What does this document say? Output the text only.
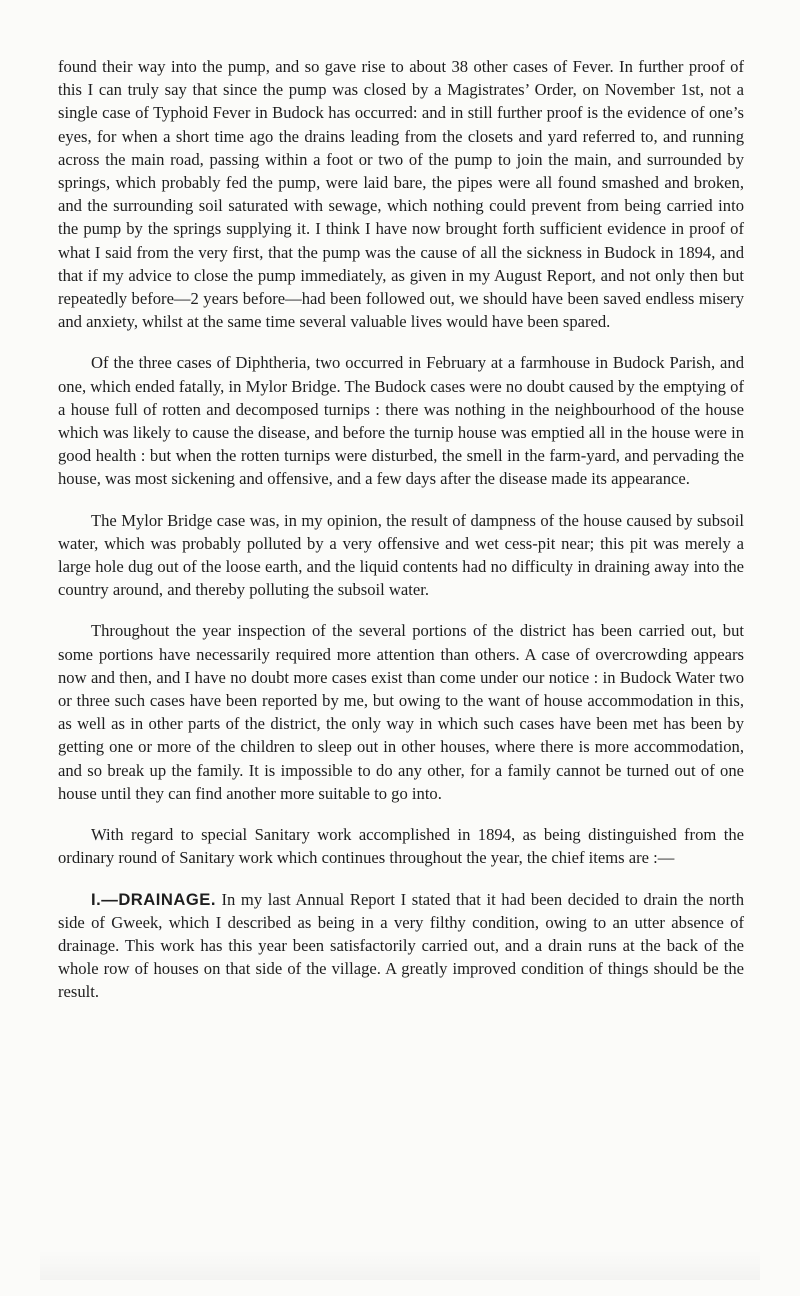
found their way into the pump, and so gave rise to about 38 other cases of Fever. In further proof of this I can truly say that since the pump was closed by a Magistrates’ Order, on November 1st, not a single case of Typhoid Fever in Budock has occurred: and in still further proof is the evidence of one’s eyes, for when a short time ago the drains leading from the closets and yard referred to, and running across the main road, passing within a foot or two of the pump to join the main, and surrounded by springs, which probably fed the pump, were laid bare, the pipes were all found smashed and broken, and the surrounding soil saturated with sewage, which nothing could prevent from being carried into the pump by the springs supplying it. I think I have now brought forth sufficient evidence in proof of what I said from the very first, that the pump was the cause of all the sickness in Budock in 1894, and that if my advice to close the pump immediately, as given in my August Report, and not only then but repeatedly before—2 years before—had been followed out, we should have been saved endless misery and anxiety, whilst at the same time several valuable lives would have been spared.

Of the three cases of Diphtheria, two occurred in February at a farmhouse in Budock Parish, and one, which ended fatally, in Mylor Bridge. The Budock cases were no doubt caused by the emptying of a house full of rotten and decomposed turnips : there was nothing in the neighbourhood of the house which was likely to cause the disease, and before the turnip house was emptied all in the house were in good health : but when the rotten turnips were disturbed, the smell in the farm-yard, and pervading the house, was most sickening and offensive, and a few days after the disease made its appearance.

The Mylor Bridge case was, in my opinion, the result of dampness of the house caused by subsoil water, which was probably polluted by a very offensive and wet cess-pit near; this pit was merely a large hole dug out of the loose earth, and the liquid contents had no difficulty in draining away into the country around, and thereby polluting the subsoil water.

Throughout the year inspection of the several portions of the district has been carried out, but some portions have necessarily required more attention than others. A case of overcrowding appears now and then, and I have no doubt more cases exist than come under our notice : in Budock Water two or three such cases have been reported by me, but owing to the want of house accommodation in this, as well as in other parts of the district, the only way in which such cases have been met has been by getting one or more of the children to sleep out in other houses, where there is more accommodation, and so break up the family. It is impossible to do any other, for a family cannot be turned out of one house until they can find another more suitable to go into.

With regard to special Sanitary work accomplished in 1894, as being distinguished from the ordinary round of Sanitary work which continues throughout the year, the chief items are :—

I.—DRAINAGE. In my last Annual Report I stated that it had been decided to drain the north side of Gweek, which I described as being in a very filthy condition, owing to an utter absence of drainage. This work has this year been satisfactorily carried out, and a drain runs at the back of the whole row of houses on that side of the village. A greatly improved condition of things should be the result.
